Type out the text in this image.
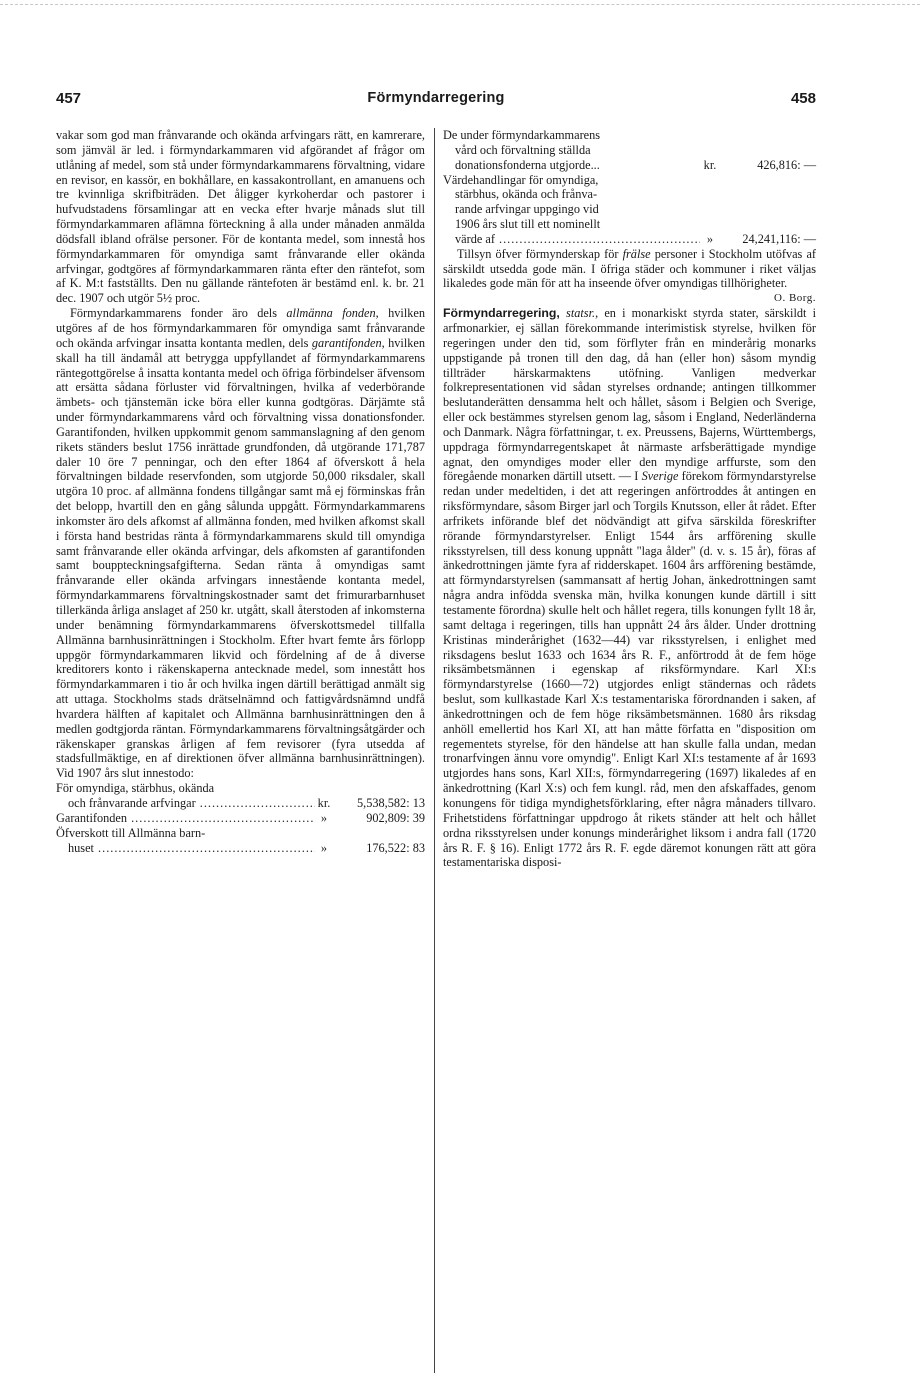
457	Förmyndarregering	458

vakar som god man frånvarande och okända arfvingars rätt, en kamrerare, som jämväl är led. i förmyndarkammaren vid afgörandet af frågor om utlåning af medel, som stå under förmyndarkammarens förvaltning, vidare en revisor, en kassör, en bokhållare, en kassakontrollant, en amanuens och tre kvinnliga skrifbiträden. Det åligger kyrkoherdar och pastorer i hufvudstadens församlingar att en vecka efter hvarje månads slut till förmyndarkammaren aflämna förteckning å alla under månaden anmälda dödsfall ibland ofrälse personer. För de kontanta medel, som innestå hos förmyndarkammaren för omyndiga samt frånvarande eller okända arfvingar, godtgöres af förmyndarkammaren ränta efter den räntefot, som af K. M:t fastställts. Den nu gällande räntefoten är bestämd enl. k. br. 21 dec. 1907 och utgör 5½ proc.

Förmyndarkammarens fonder äro dels allmänna fonden, hvilken utgöres af de hos förmyndarkammaren för omyndiga samt frånvarande och okända arfvingar insatta kontanta medlen, dels garantifonden, hvilken skall ha till ändamål att betrygga uppfyllandet af förmyndarkammarens räntegottgörelse å insatta kontanta medel och öfriga förbindelser äfvensom att ersätta sådana förluster vid förvaltningen, hvilka af vederbörande ämbets- och tjänstemän icke böra eller kunna godtgöras. Därjämte stå under förmyndarkammarens vård och förvaltning vissa donationsfonder. Garantifonden, hvilken uppkommit genom sammanslagning af den genom rikets ständers beslut 1756 inrättade grundfonden, då utgörande 171,787 daler 10 öre 7 penningar, och den efter 1864 af öfverskott å hela förvaltningen bildade reservfonden, som utgjorde 50,000 riksdaler, skall utgöra 10 proc. af allmänna fondens tillgångar samt må ej förminskas från det belopp, hvartill den en gång sålunda uppgått. Förmyndarkammarens inkomster äro dels afkomst af allmänna fonden, med hvilken afkomst skall i första hand bestridas ränta å förmyndarkammarens skuld till omyndiga samt frånvarande eller okända arfvingar, dels afkomsten af garantifonden samt bouppteckningsafgifterna. Sedan ränta å omyndigas samt frånvarande eller okända arfvingars innestående kontanta medel, förmyndarkammarens förvaltningskostnader samt det frimurarbarnhuset tillerkända årliga anslaget af 250 kr. utgått, skall återstoden af inkomsterna under benämning förmyndarkammarens öfverskottsmedel tillfalla Allmänna barnhusinrättningen i Stockholm. Efter hvart femte års förlopp uppgör förmyndarkammaren likvid och fördelning af de å diverse kreditorers konto i räkenskaperna antecknade medel, som innestått hos förmyndarkammaren i tio år och hvilka ingen därtill berättigad anmält sig att uttaga. Stockholms stads drätselnämnd och fattigvårdsnämnd undfå hvardera hälften af kapitalet och Allmänna barnhusinrättningen den å medlen godtgjorda räntan. Förmyndarkammarens förvaltningsåtgärder och räkenskaper granskas årligen af fem revisorer (fyra utsedda af stadsfullmäktige, en af direktionen öfver allmänna barnhusinrättningen). Vid 1907 års slut innestodo:

För omyndiga, stärbhus, okända
och frånvarande arfvingar .....	kr.	5,538,582: 13
Garantifonden .....	»	902,809: 39
Öfverskott till Allmänna barn-
huset .....	»	176,522: 83
De under förmyndarkammarens
vård och förvaltning ställda
donationsfonderna utgjorde...	kr.	426,816: —
Värdehandlingar för omyndiga,
stärbhus, okända och frånva-
rande arfvingar uppgingo vid
1906 års slut till ett nominellt
värde af .....	»	24,241,116: —

Tillsyn öfver förmynderskap för frälse personer i Stockholm utöfvas af särskildt utsedda gode män. I öfriga städer och kommuner i riket väljas likaledes gode män för att ha inseende öfver omyndigas tillhörigheter.

O. Borg.

Förmyndarregering, statsr., en i monarkiskt styrda stater, särskildt i arfmonarkier, ej sällan förekommande interimistisk styrelse, hvilken för regeringen under den tid, som förflyter från en minderårig monarks uppstigande på tronen till den dag, då han (eller hon) såsom myndig tillträder härskarmaktens utöfning. Vanligen medverkar folkrepresentationen vid sådan styrelses ordnande; antingen tillkommer beslutanderätten densamma helt och hållet, såsom i Belgien och Sverige, eller ock bestämmes styrelsen genom lag, såsom i England, Nederländerna och Danmark. Några författningar, t. ex. Preussens, Bajerns, Württembergs, uppdraga förmyndarregentskapet åt närmaste arfsberättigade myndige agnat, den omyndiges moder eller den myndige arffurste, som den föregående monarken därtill utsett. — I Sverige förekom förmyndarstyrelse redan under medeltiden, i det att regeringen anförtroddes åt antingen en riksförmyndare, såsom Birger jarl och Torgils Knutsson, eller åt rådet. Efter arfrikets införande blef det nödvändigt att gifva särskilda föreskrifter rörande förmyndarstyrelser. Enligt 1544 års arfförening skulle riksstyrelsen, till dess konung uppnått "laga ålder" (d. v. s. 15 år), föras af änkedrottningen jämte fyra af ridderskapet. 1604 års arfförening bestämde, att förmyndarstyrelsen (sammansatt af hertig Johan, änkedrottningen samt några andra infödda svenska män, hvilka konungen kunde därtill i sitt testamente förordna) skulle helt och hållet regera, tills konungen fyllt 18 år, samt deltaga i regeringen, tills han uppnått 24 års ålder. Under drottning Kristinas minderårighet (1632—44) var riksstyrelsen, i enlighet med riksdagens beslut 1633 och 1634 års R. F., anförtrodd åt de fem höge riksämbetsmännen i egenskap af riksförmyndare. Karl XI:s förmyndarstyrelse (1660—72) utgjordes enligt ständernas och rådets beslut, som kullkastade Karl X:s testamentariska förordnanden i saken, af änkedrottningen och de fem höge riksämbetsmännen. 1680 års riksdag anhöll emellertid hos Karl XI, att han måtte författa en "disposition om regementets styrelse, för den händelse att han skulle falla undan, medan tronarfvingen ännu vore omyndig". Enligt Karl XI:s testamente af år 1693 utgjordes hans sons, Karl XII:s, förmyndarregering (1697) likaledes af en änkedrottning (Karl X:s) och fem kungl. råd, men den afskaffades, genom konungens för tidiga myndighetsförklaring, efter några månaders tillvaro. Frihetstidens författningar uppdrogo åt rikets ständer att helt och hållet ordna riksstyrelsen under konungs minderårighet liksom i andra fall (1720 års R. F. § 16). Enligt 1772 års R. F. egde däremot konungen rätt att göra testamentariska disposi-
